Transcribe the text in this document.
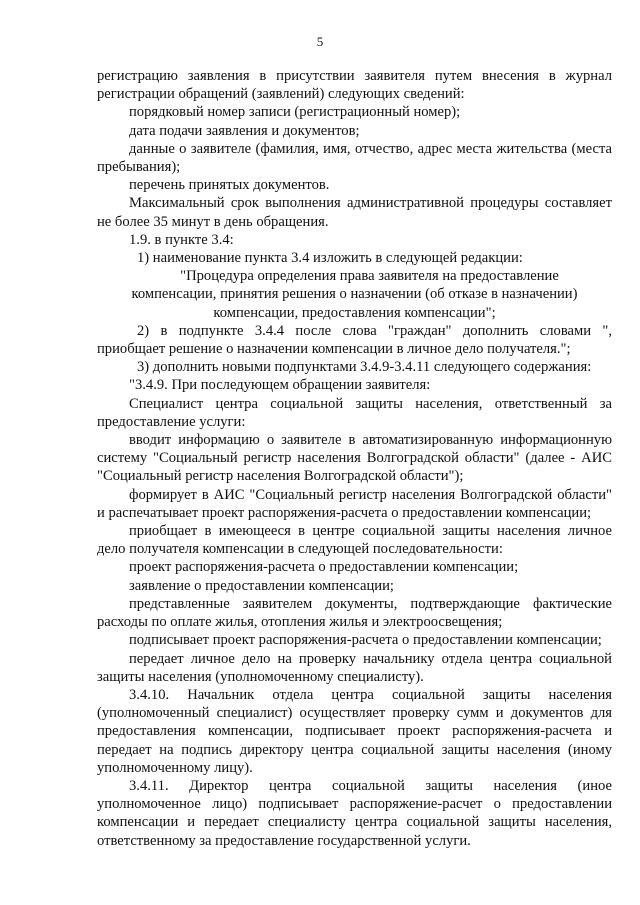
5

регистрацию заявления в присутствии заявителя путем внесения в журнал регистрации обращений (заявлений) следующих сведений:

порядковый номер записи (регистрационный номер);

дата подачи заявления и документов;

данные о заявителе (фамилия, имя, отчество, адрес места жительства (места пребывания);

перечень принятых документов.

Максимальный срок выполнения административной процедуры составляет не более 35 минут в день обращения.

1.9. в пункте 3.4:

1) наименование пункта 3.4 изложить в следующей редакции:

"Процедура определения права заявителя на предоставление

компенсации, принятия решения о назначении (об отказе в назначении)

компенсации, предоставления компенсации";

2) в подпункте 3.4.4 после слова "граждан" дополнить словами ", приобщает решение о назначении компенсации в личное дело получателя.";

3) дополнить новыми подпунктами 3.4.9-3.4.11 следующего содержания:

"3.4.9. При последующем обращении заявителя:

Специалист центра социальной защиты населения, ответственный за предоставление услуги:

вводит информацию о заявителе в автоматизированную информационную систему "Социальный регистр населения Волгоградской области" (далее - АИС "Социальный регистр населения Волгоградской области");

формирует в АИС "Социальный регистр населения Волгоградской области" и распечатывает проект распоряжения-расчета о предоставлении компенсации;

приобщает в имеющееся в центре социальной защиты населения личное дело получателя компенсации в следующей последовательности:

проект распоряжения-расчета о предоставлении компенсации;

заявление о предоставлении компенсации;

представленные заявителем документы, подтверждающие фактические расходы по оплате жилья, отопления жилья и электроосвещения;

подписывает проект распоряжения-расчета о предоставлении компенсации;

передает личное дело на проверку начальнику отдела центра социальной защиты населения (уполномоченному специалисту).

3.4.10. Начальник отдела центра социальной защиты населения (уполномоченный специалист) осуществляет проверку сумм и документов для предоставления компенсации, подписывает проект распоряжения-расчета и передает на подпись директору центра социальной защиты населения (иному уполномоченному лицу).

3.4.11. Директор центра социальной защиты населения (иное уполномоченное лицо) подписывает распоряжение-расчет о предоставлении компенсации и передает специалисту центра социальной защиты населения, ответственному за предоставление государственной услуги.
